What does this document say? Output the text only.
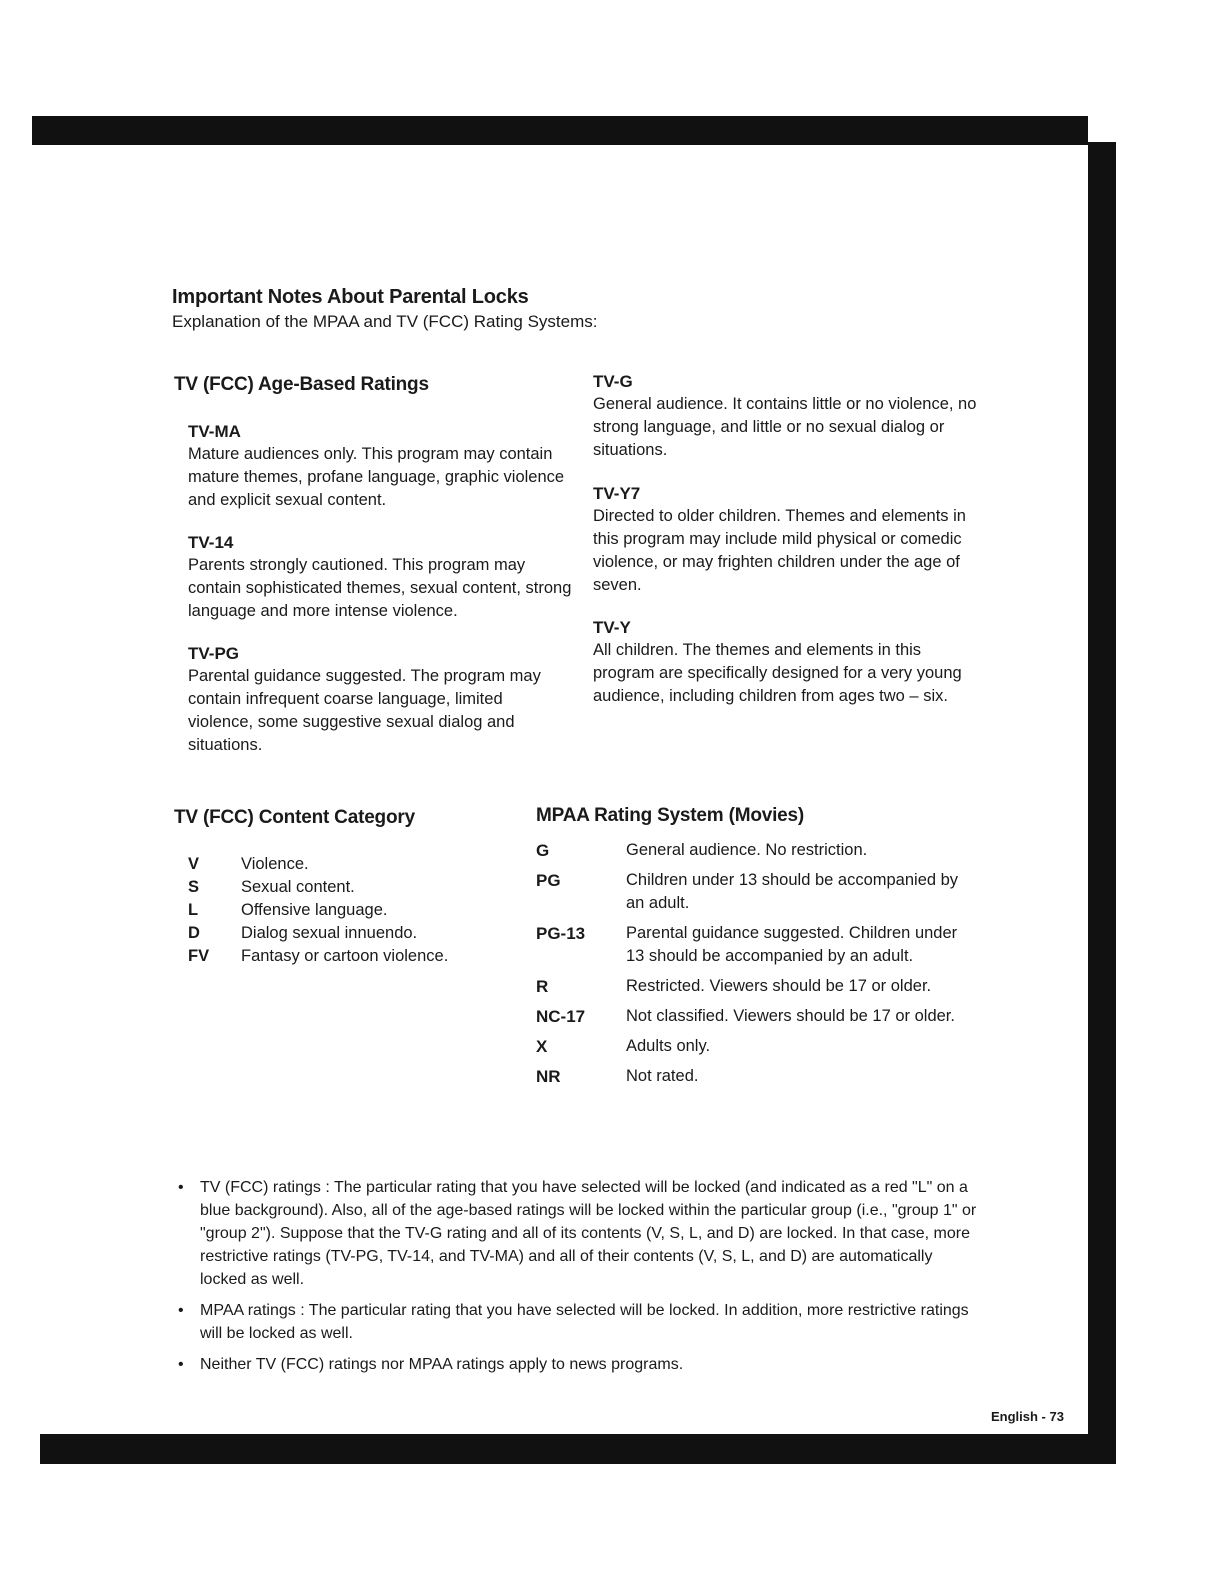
Important Notes About Parental Locks

Explanation of the MPAA and TV (FCC) Rating Systems:

TV (FCC) Age-Based Ratings

TV-MA

Mature audiences only. This program may contain mature themes, profane language, graphic violence and explicit sexual content.

TV-14

Parents strongly cautioned. This program may contain sophisticated themes, sexual content, strong language and more intense violence.

TV-PG

Parental guidance suggested. The program may contain infrequent coarse language, limited violence, some suggestive sexual dialog and situations.

TV-G

General audience. It contains little or no violence, no strong language, and little or no sexual dialog or situations.

TV-Y7

Directed to older children. Themes and elements in this program may include mild physical or comedic violence, or may frighten children under the age of seven.

TV-Y

All children. The themes and elements in this program are specifically designed for a very young audience, including children from ages two – six.

TV (FCC) Content Category
V	Violence.
S	Sexual content.
L	Offensive language.
D	Dialog sexual innuendo.
FV	Fantasy or cartoon violence.
MPAA Rating System (Movies)
G	General audience. No restriction.
PG	Children under 13 should be accompanied by an adult.
PG-13	Parental guidance suggested. Children under 13 should be accompanied by an adult.
R	Restricted. Viewers should be 17 or older.
NC-17	Not classified. Viewers should be 17 or older.
X	Adults only.
NR	Not rated.
• TV (FCC) ratings : The particular rating that you have selected will be locked (and indicated as a red "L" on a blue background). Also, all of the age-based ratings will be locked within the particular group (i.e., "group 1" or "group 2"). Suppose that the TV-G rating and all of its contents (V, S, L, and D) are locked. In that case, more restrictive ratings (TV-PG, TV-14, and TV-MA) and all of their contents (V, S, L, and D) are automatically locked as well.
• MPAA ratings : The particular rating that you have selected will be locked. In addition, more restrictive ratings will be locked as well.
• Neither TV (FCC) ratings nor MPAA ratings apply to news programs.

English - 73
